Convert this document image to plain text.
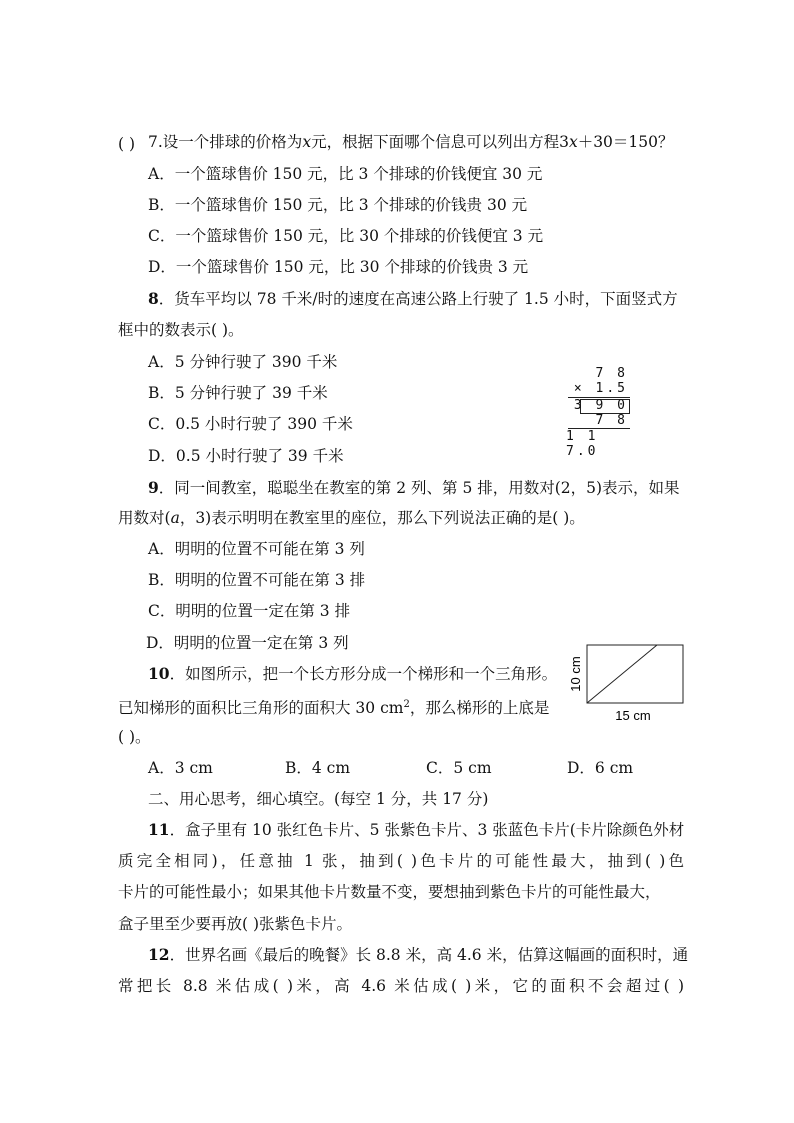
7.设一个排球的价格为x元，根据下面哪个信息可以列出方程3x＋30＝150？
( )
A．一个篮球售价 150 元，比 3 个排球的价钱便宜 30 元
B．一个篮球售价 150 元，比 3 个排球的价钱贵 30 元
C．一个篮球售价 150 元，比 30 个排球的价钱便宜 3 元
D．一个篮球售价 150 元，比 30 个排球的价钱贵 3 元
8．货车平均以 78 千米/时的速度在高速公路上行驶了 1.5 小时，下面竖式方
框中的数表示( )。
A．5 分钟行驶了 390 千米
B．5 分钟行驶了 39 千米
C．0.5 小时行驶了 390 千米
D．0.5 小时行驶了 39 千米
7 8
× 1.5
3 9 0
7 8
1 1 7.0
9．同一间教室，聪聪坐在教室的第 2 列、第 5 排，用数对(2，5)表示，如果
用数对(a，3)表示明明在教室里的座位，那么下列说法正确的是( )。
A．明明的位置不可能在第 3 列
B．明明的位置不可能在第 3 排
C．明明的位置一定在第 3 排
D．明明的位置一定在第 3 列
10．如图所示，把一个长方形分成一个梯形和一个三角形。
已知梯形的面积比三角形的面积大 30 $cm^2$，那么梯形的上底是
( )。
10 cm
15 cm
A．3 cm	B．4 cm	C．5 cm	D．6 cm
二、用心思考，细心填空。(每空 1 分，共 17 分)
11．盒子里有 10 张红色卡片、5 张紫色卡片、3 张蓝色卡片(卡片除颜色外材
质完全相同)，任意抽 1 张，抽到( )色卡片的可能性最大，抽到( )色
卡片的可能性最小；如果其他卡片数量不变，要想抽到紫色卡片的可能性最大，
盒子里至少要再放( )张紫色卡片。
12．世界名画《最后的晚餐》长 8.8 米，高 4.6 米，估算这幅画的面积时，通
常把长 8.8 米估成( )米，高 4.6 米估成( )米，它的面积不会超过( )
